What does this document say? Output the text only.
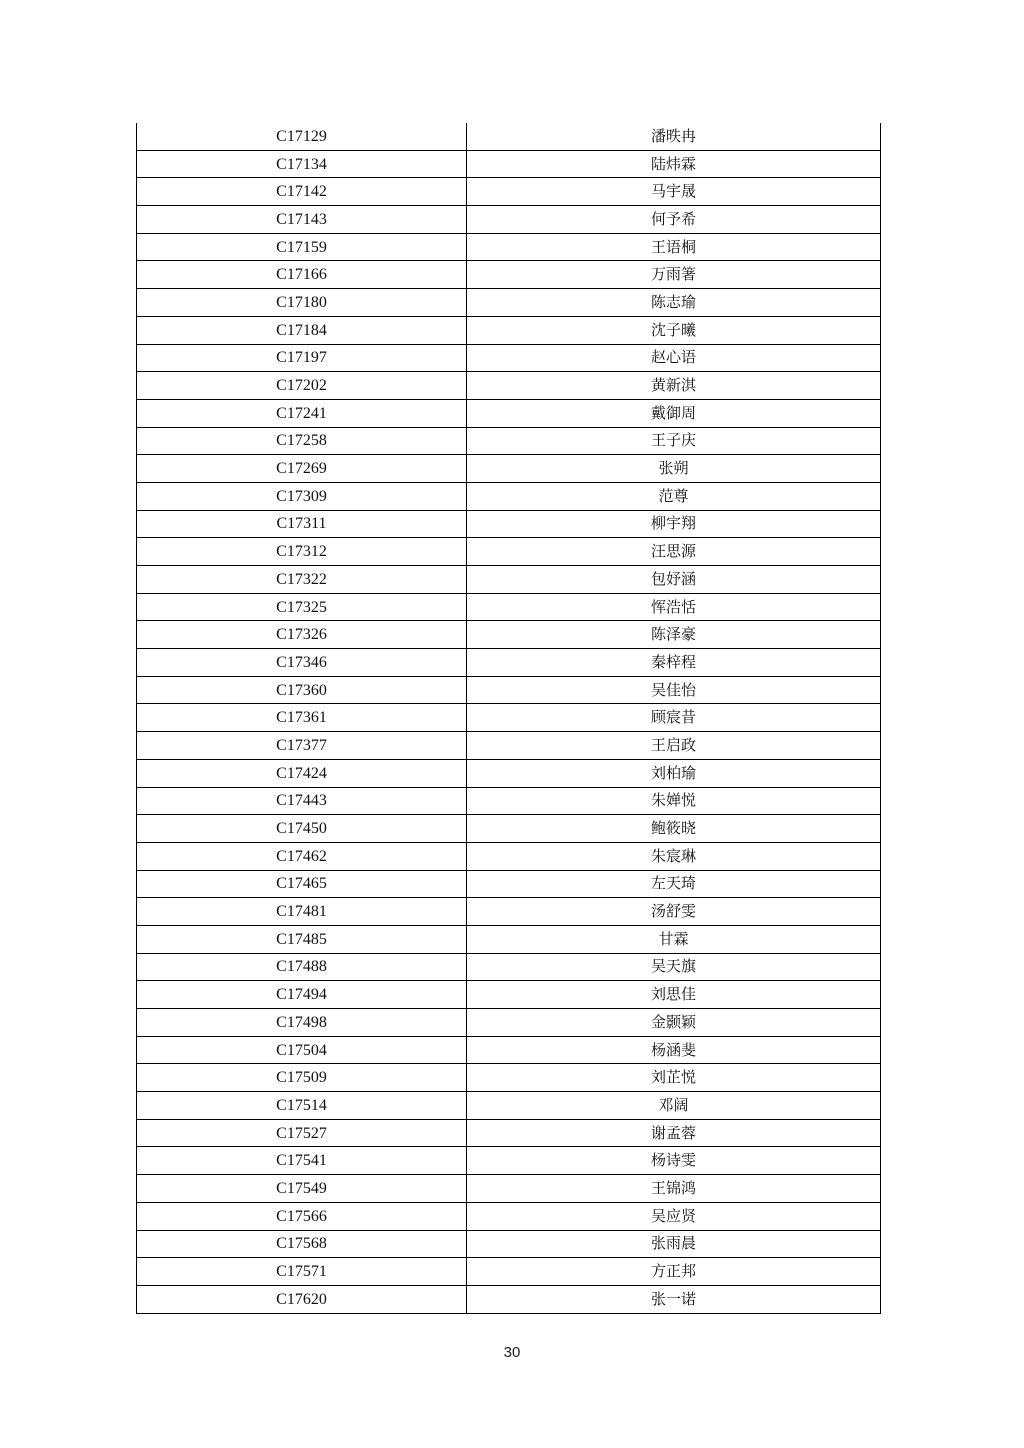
C17129	潘昳冉
C17134	陆炜霖
C17142	马宇晟
C17143	何予希
C17159	王语桐
C17166	万雨箸
C17180	陈志瑜
C17184	沈子曦
C17197	赵心语
C17202	黄新淇
C17241	戴御周
C17258	王子庆
C17269	张朔
C17309	范尊
C17311	柳宇翔
C17312	汪思源
C17322	包妤涵
C17325	恽浩恬
C17326	陈泽豪
C17346	秦梓程
C17360	吴佳怡
C17361	顾宸昔
C17377	王启政
C17424	刘柏瑜
C17443	朱婵悦
C17450	鲍筱晓
C17462	朱宸琳
C17465	左天琦
C17481	汤舒雯
C17485	甘霖
C17488	吴天旗
C17494	刘思佳
C17498	金颢颖
C17504	杨涵斐
C17509	刘芷悦
C17514	邓阔
C17527	谢孟蓉
C17541	杨诗雯
C17549	王锦鸿
C17566	吴应贤
C17568	张雨晨
C17571	方正邦
C17620	张一诺
30
